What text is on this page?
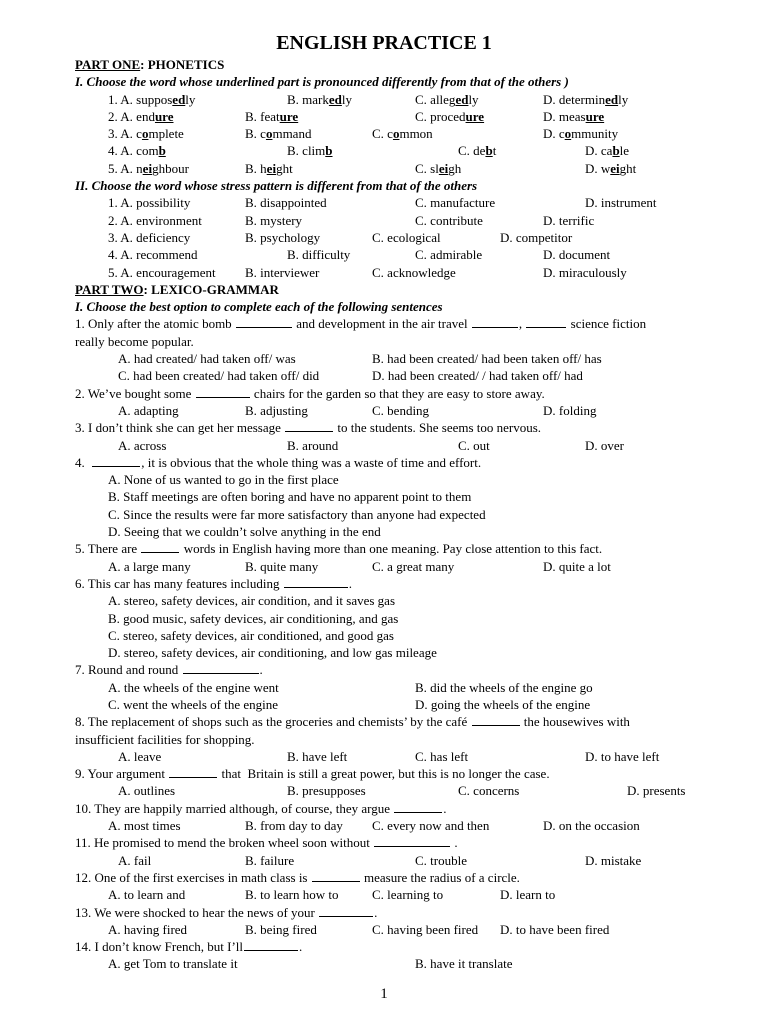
ENGLISH PRACTICE 1
PART ONE: PHONETICS
I. Choose the word whose underlined part is pronounced differently from that of the others )
1. A. supposedly	B. markedly	C. allegedly	D. determinedly
2. A. endure	B. feature	C. procedure	D. measure
3. A. complete	B. command	C. common	D. community
4. A. comb	B. climb	C. debt	D. cable
5. A. neighbour	B. height	C. sleigh	D. weight
II. Choose the word whose stress pattern is different from that of the others
1. A. possibility	B. disappointed	C. manufacture	D. instrument
2. A. environment	B. mystery	C. contribute	D. terrific
3. A. deficiency	B. psychology	C. ecological	D. competitor
4. A. recommend	B. difficulty	C. admirable	D. document
5. A. encouragement B. interviewer	C. acknowledge	D. miraculously
PART TWO: LEXICO-GRAMMAR
I. Choose the best option to complete each of the following sentences
1. Only after the atomic bomb	and development in the air travel	,	science fiction
really become popular.
A. had created/ had taken off/ was	B. had been created/ had been taken off/ has
C. had been created/ had taken off/ did	D. had been created/ / had taken off/ had
2. We’ve bought some	chairs for the garden so that they are easy to store away.
A. adapting	B. adjusting	C. bending	D. folding
3. I don’t think she can get her message	to the students. She seems too nervous.
A. across	B. around	C. out	D. over
4.	, it is obvious that the whole thing was a waste of time and effort.
A. None of us wanted to go in the first place
B. Staff meetings are often boring and have no apparent point to them
C. Since the results were far more satisfactory than anyone had expected
D. Seeing that we couldn’t solve anything in the end
5. There are	words in English having more than one meaning. Pay close attention to this fact.
A. a large many	B. quite many	C. a great many	D. quite a lot
6. This car has many features including	.
A. stereo, safety devices, air condition, and it saves gas
B. good music, safety devices, air conditioning, and gas
C. stereo, safety devices, air conditioned, and good gas
D. stereo, safety devices, air conditioning, and low gas mileage
7. Round and round	.
A. the wheels of the engine went	B. did the wheels of the engine go
C. went the wheels of the engine	D. going the wheels of the engine
8. The replacement of shops such as the groceries and chemists’ by the café	the housewives with
insufficient facilities for shopping.
A. leave	B. have left	C. has left	D. to have left
9. Your argument	that  Britain is still a great power, but this is no longer the case.
A. outlines	B. presupposes	C. concerns	D. presents
10. They are happily married although, of course, they argue	.
A. most times	B. from day to day C. every now and then	D. on the occasion
11. He promised to mend the broken wheel soon without	.
A. fail	B. failure	C. trouble	D. mistake
12. One of the first exercises in math class is	measure the radius of a circle.
A. to learn and	B. to learn how to	C. learning to	D. learn to
13. We were shocked to hear the news of your	.
A. having fired	B. being fired	C. having been fired D. to have been fired
14. I don’t know French, but I’ll	.
A. get Tom to translate it	B. have it translate
1
